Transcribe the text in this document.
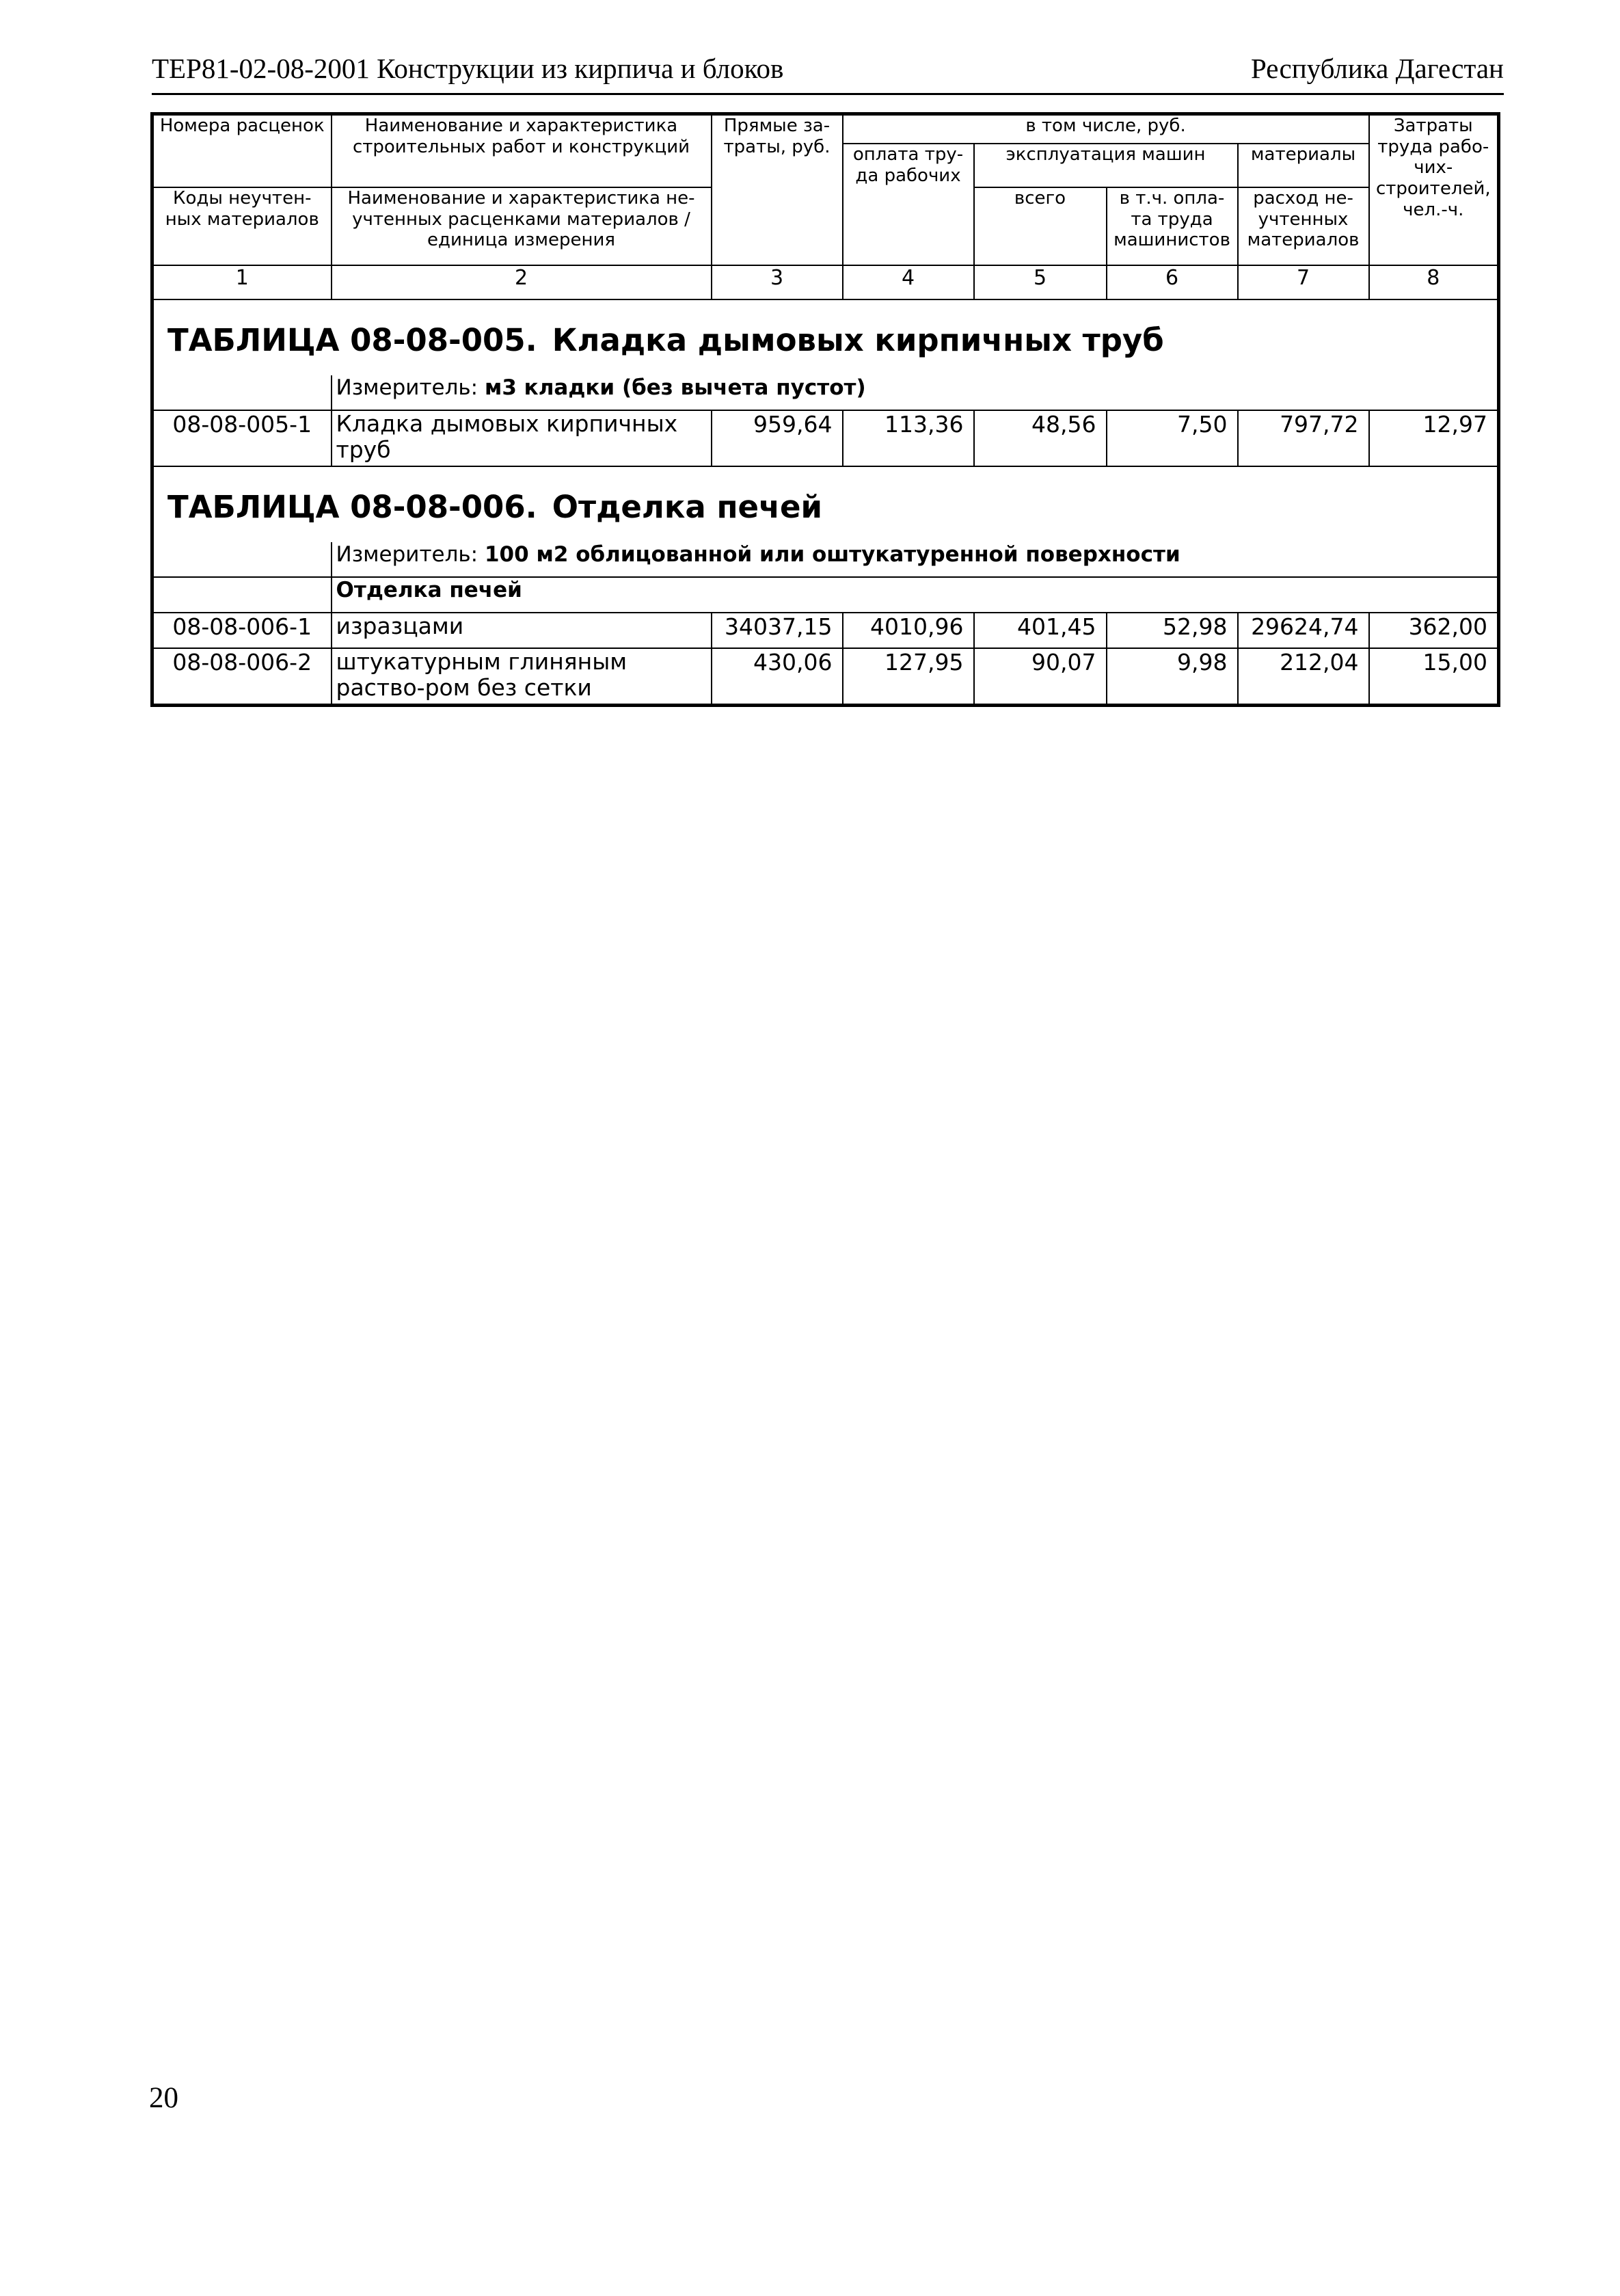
ТЕР81-02-08-2001 Конструкции из кирпича и блоков	Республика Дагестан
Номера расценок	Наименование и характеристика строительных работ и конструкций	Прямые за-траты, руб.	в том числе, руб.				Затраты труда рабо-чих-строителей, чел.-ч.
			оплата тру-да рабочих	эксплуатация машин		материалы	
Коды неучтен-ных материалов	Наименование и характеристика не-учтенных расценками материалов / единица измерения			всего	в т.ч. опла-та труда машинистов	расход не-учтенных материалов	

1	2	3	4	5	6	7	8
ТАБЛИЦА 08-08-005. Кладка дымовых кирпичных труб							
	Измеритель: м3 кладки (без вычета пустот)						
08-08-005-1	Кладка дымовых кирпичных труб	959,64	113,36	48,56	7,50	797,72	12,97
ТАБЛИЦА 08-08-006. Отделка печей							
	Измеритель: 100 м2 облицованной или оштукатуренной поверхности						
	Отделка печей						
08-08-006-1	изразцами	34037,15	4010,96	401,45	52,98	29624,74	362,00
08-08-006-2	штукатурным глиняным раство-ром без сетки	430,06	127,95	90,07	9,98	212,04	15,00
20
